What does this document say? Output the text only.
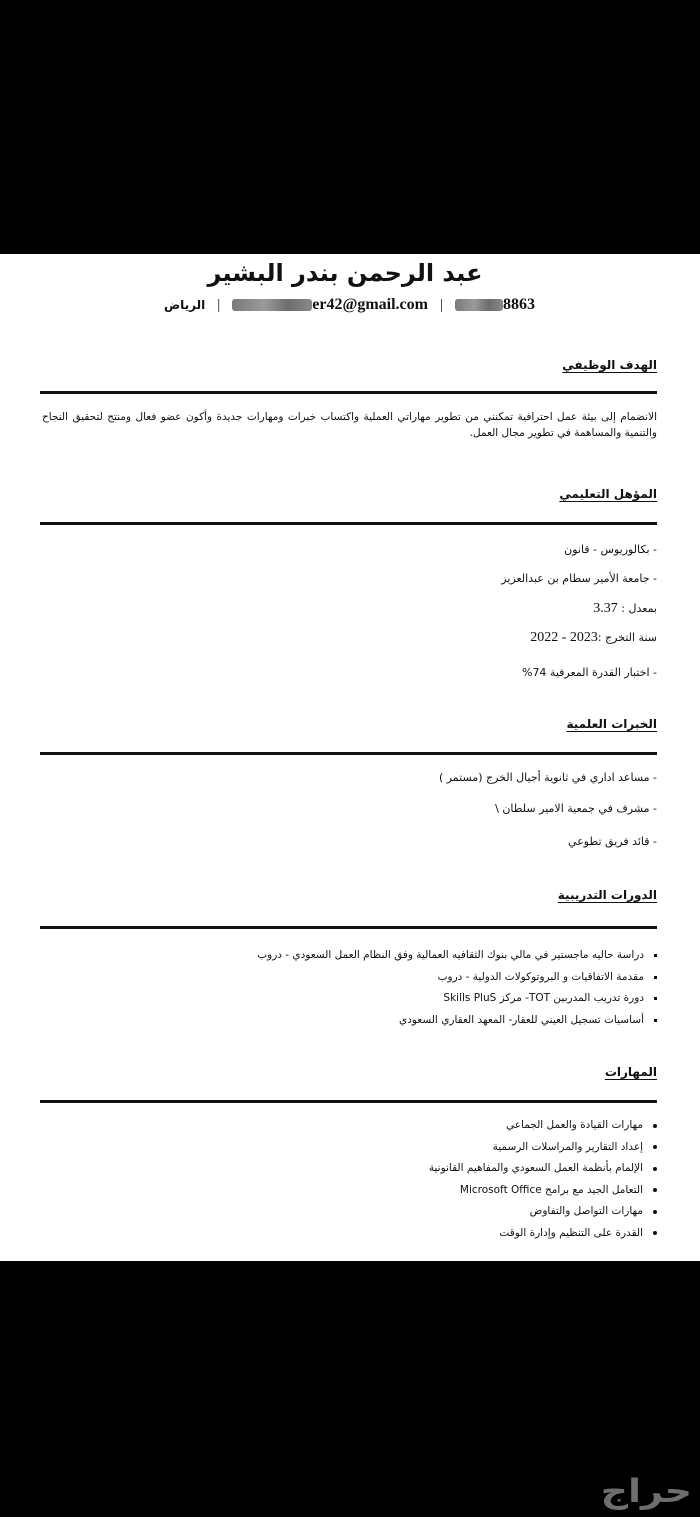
عبد الرحمن بندر البشير
8863
|
er42@gmail.com
|
الرياض
الهدف الوظيفي
الانضمام إلى بيئة عمل احترافية تمكنني من تطوير مهاراتي العملية واكتساب خبرات ومهارات جديدة وأكون عضو فعال ومنتج لتحقيق النجاح والتنمية والمساهمة في تطوير مجال العمل.
المؤهل التعليمي
- بكالوريوس - قانون
- جامعة الأمير سطام بن عبدالعزيز
بمعدل : 3.37
سنة التخرج :2022 - 2023
- اختبار القدرة المعرفية 74%
الخبرات العلمية
- مساعد اداري في ثانوية أجيال الخرج (مستمر )
- مشرف في جمعية الامير سلطان \
- قائد فريق تطوعي
الدورات التدريبية
دراسة حاليه ماجستير في مالي بنوك الثقافيه العمالية وفق النظام العمل السعودي - دروب
مقدمة الاتفاقيات و البروتوكولات الدولية - دروب
دورة تدريب المدربين TOT- مركز Skills PluS
أساسيات تسجيل العيني للعقار- المعهد العقاري السعودي
المهارات
مهارات القيادة والعمل الجماعي
إعداد التقارير والمراسلات الرسمية
الإلمام بأنظمة العمل السعودي والمفاهيم القانونية
التعامل الجيد مع برامج Microsoft Office
مهارات التواصل والتفاوض
القدرة على التنظيم وإدارة الوقت
حراج
